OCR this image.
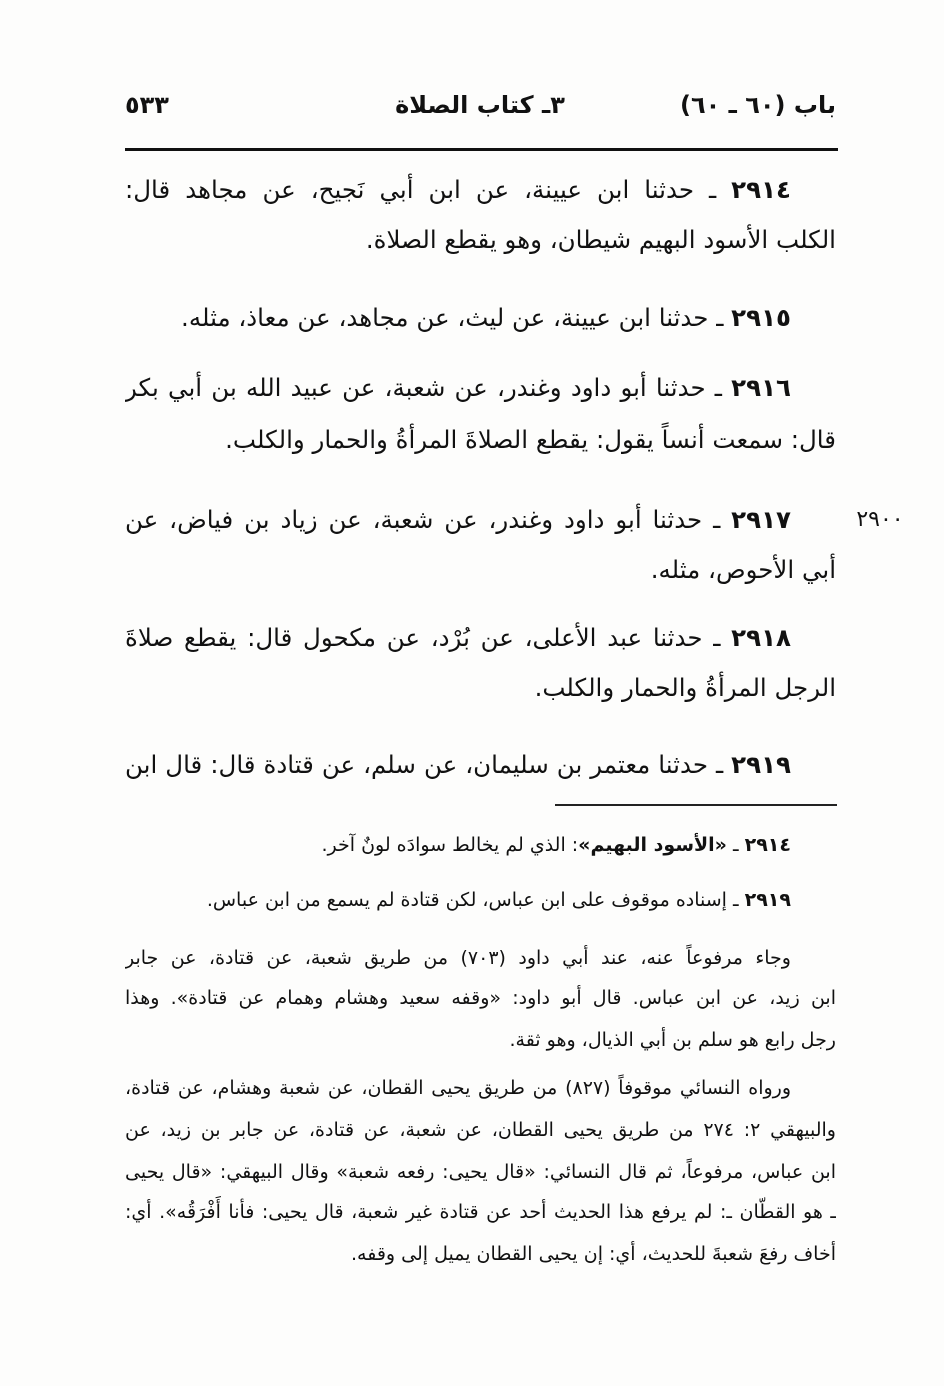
باب (٦٠ ـ ٦٠)
٣ـ كتاب الصلاة
٥٣٣
٢٩١٤ ـ حدثنا ابن عيينة، عن ابن أبي نَجيح، عن مجاهد قال:
الكلب الأسود البهيم شيطان، وهو يقطع الصلاة.
٢٩١٥ ـ حدثنا ابن عيينة، عن ليث، عن مجاهد، عن معاذ، مثله.
٢٩١٦ ـ حدثنا أبو داود وغندر، عن شعبة، عن عبيد الله بن أبي بكر
قال: سمعت أنساً يقول: يقطع الصلاةَ المرأةُ والحمار والكلب.
٢٩٠٠
٢٩١٧ ـ حدثنا أبو داود وغندر، عن شعبة، عن زياد بن فياض، عن
أبي الأحوص، مثله.
٢٩١٨ ـ حدثنا عبد الأعلى، عن بُرْد، عن مكحول قال: يقطع صلاةَ
الرجل المرأةُ والحمار والكلب.
٢٩١٩ ـ حدثنا معتمر بن سليمان، عن سلم، عن قتادة قال: قال ابن
٢٩١٤ ـ «الأسود البهيم»: الذي لم يخالط سوادَه لونٌ آخر.
٢٩١٩ ـ إسناده موقوف على ابن عباس، لكن قتادة لم يسمع من ابن عباس.
وجاء مرفوعاً عنه، عند أبي داود (٧٠٣) من طريق شعبة، عن قتادة، عن جابر
ابن زيد، عن ابن عباس. قال أبو داود: «وقفه سعيد وهشام وهمام عن قتادة». وهذا
رجل رابع هو سلم بن أبي الذيال، وهو ثقة.
ورواه النسائي موقوفاً (٨٢٧) من طريق يحيى القطان، عن شعبة وهشام، عن قتادة،
والبيهقي ٢: ٢٧٤ من طريق يحيى القطان، عن شعبة، عن قتادة، عن جابر بن زيد، عن
ابن عباس، مرفوعاً، ثم قال النسائي: «قال يحيى: رفعه شعبة» وقال البيهقي: «قال يحيى
ـ هو القطّان ـ: لم يرفع هذا الحديث أحد عن قتادة غير شعبة، قال يحيى: فأنا أَفْرَقُه». أي:
أخاف رفعَ شعبةَ للحديث، أي: إن يحيى القطان يميل إلى وقفه.
